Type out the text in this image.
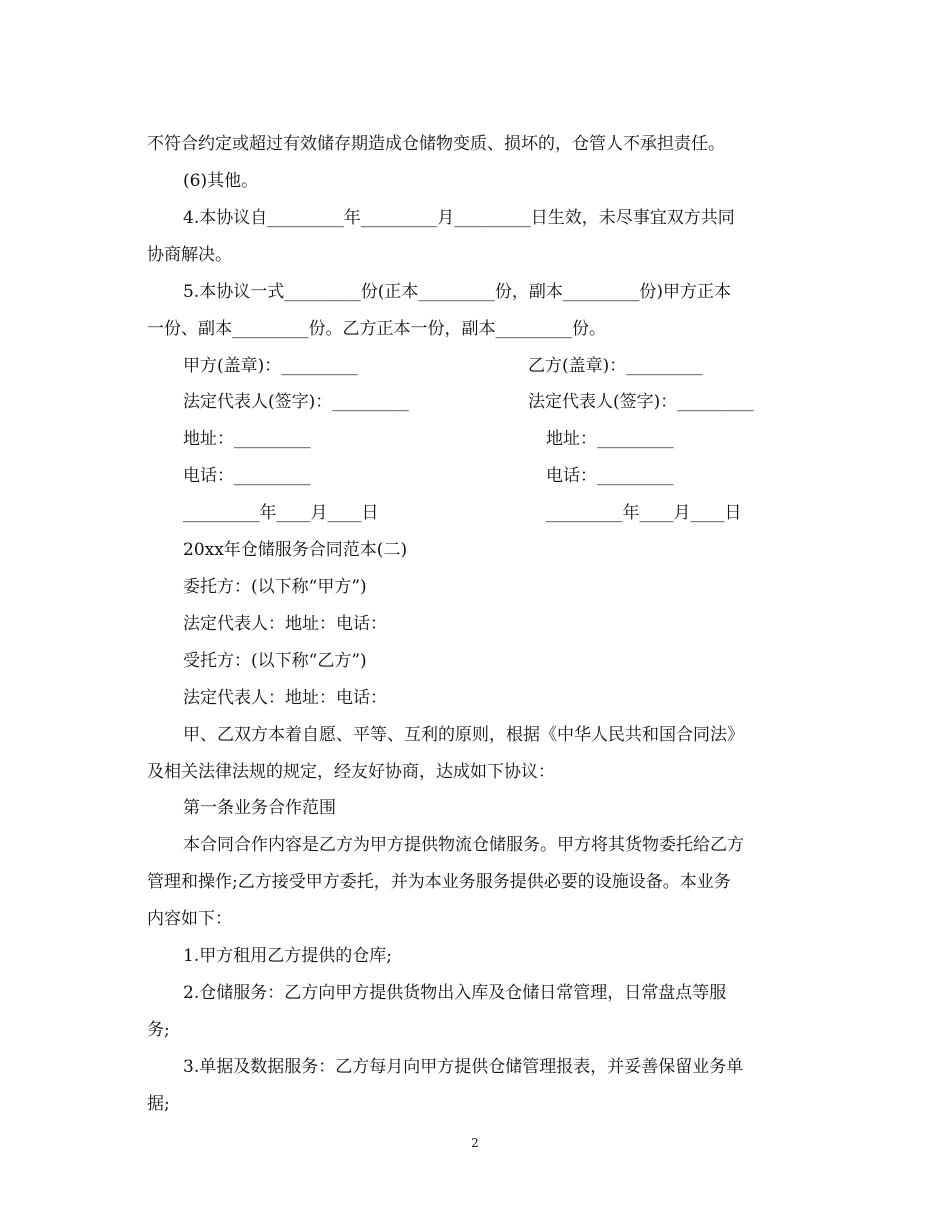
不符合约定或超过有效储存期造成仓储物变质、损坏的，仓管人不承担责任。
(6)其他。
4.本协议自_________年_________月_________日生效，未尽事宜双方共同
协商解决。
5.本协议一式_________份(正本_________份，副本_________份)甲方正本
一份、副本_________份。乙方正本一份，副本_________份。
甲方(盖章)：_________	乙方(盖章)：_________
法定代表人(签字)：_________	法定代表人(签字)：_________
地址：_________	地址：_________
电话：_________	电话：_________
_________年____月____日	_________年____月____日
20xx年仓储服务合同范本(二)
委托方：(以下称“甲方”)
法定代表人：地址：电话：
受托方：(以下称“乙方”)
法定代表人：地址：电话：
甲、乙双方本着自愿、平等、互利的原则，根据《中华人民共和国合同法》
及相关法律法规的规定，经友好协商，达成如下协议：
第一条业务合作范围
本合同合作内容是乙方为甲方提供物流仓储服务。甲方将其货物委托给乙方
管理和操作;乙方接受甲方委托，并为本业务服务提供必要的设施设备。本业务
内容如下：
1.甲方租用乙方提供的仓库;
2.仓储服务：乙方向甲方提供货物出入库及仓储日常管理，日常盘点等服
务;
3.单据及数据服务：乙方每月向甲方提供仓储管理报表，并妥善保留业务单
据;
2
